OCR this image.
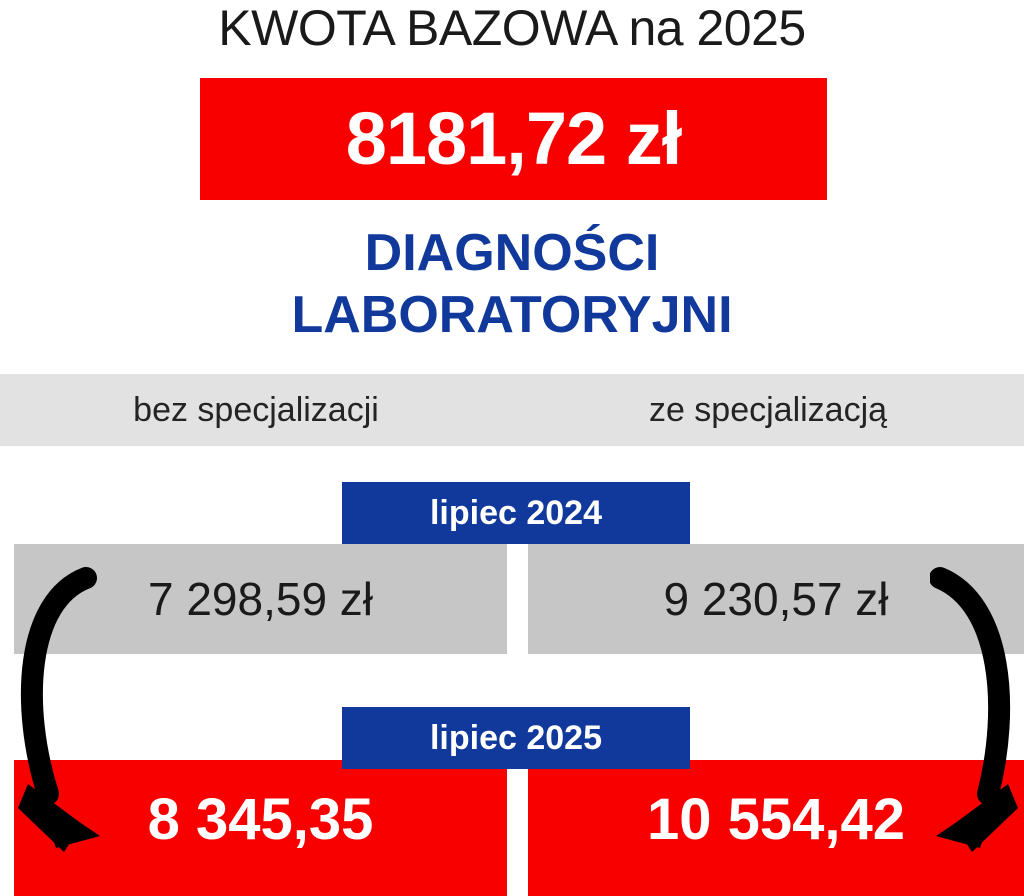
KWOTA BAZOWA na 2025
8181,72 zł
DIAGNOŚCI
LABORATORYJNI
bez specjalizacji	ze specjalizacją
7 298,59 zł	9 230,57 zł
lipiec 2024
8 345,35	10 554,42
lipiec 2025
